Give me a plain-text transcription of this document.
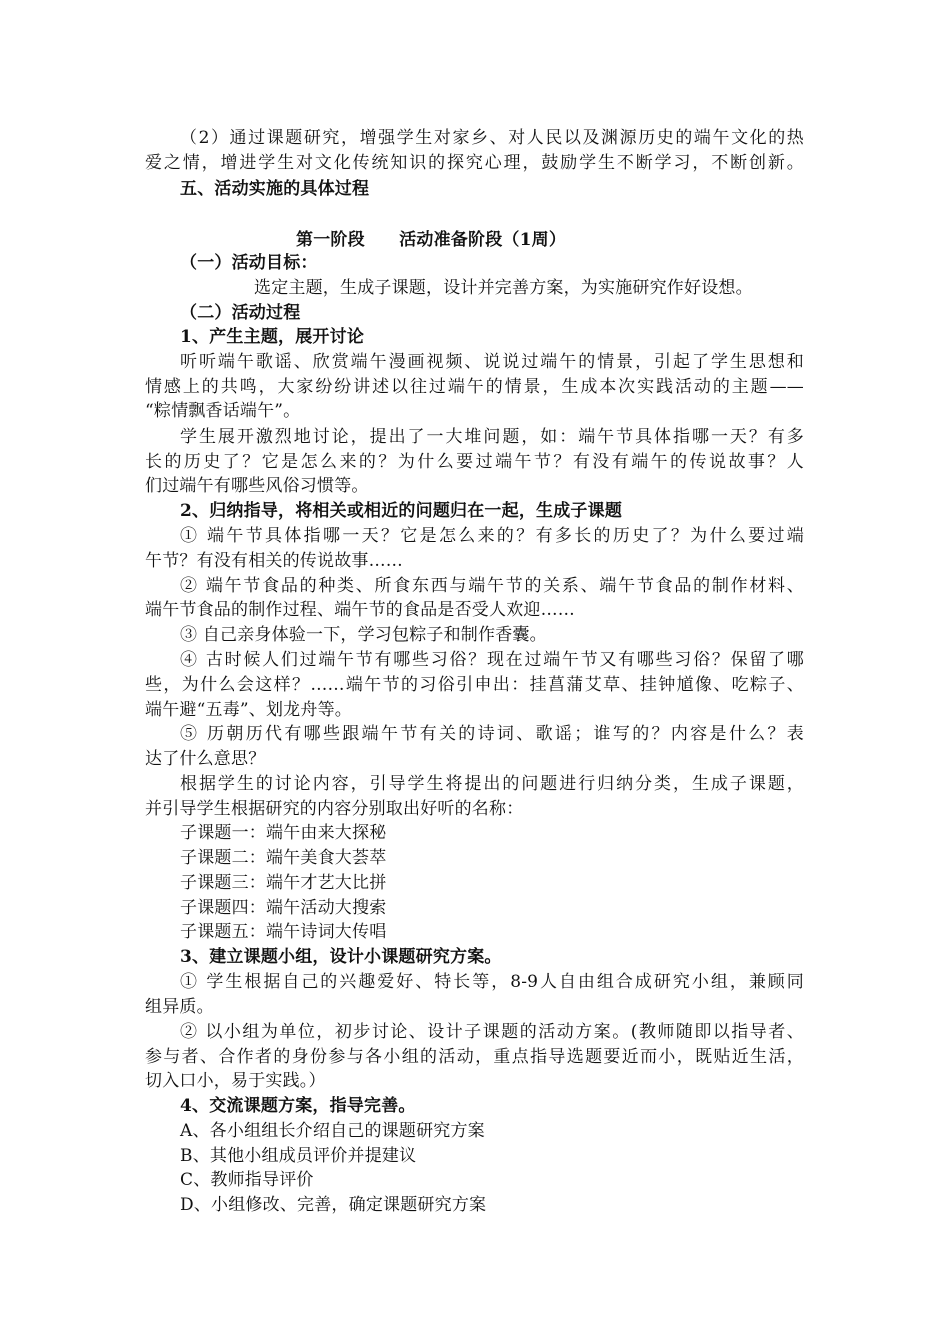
（2）通过课题研究，增强学生对家乡、对人民以及渊源历史的端午文化的热
爱之情，增进学生对文化传统知识的探究心理，鼓励学生不断学习，不断创新。
五、活动实施的具体过程
第一阶段　　活动准备阶段（1周）
（一）活动目标：
选定主题，生成子课题，设计并完善方案，为实施研究作好设想。
（二）活动过程
1、产生主题，展开讨论
听听端午歌谣、欣赏端午漫画视频、说说过端午的情景，引起了学生思想和
情感上的共鸣，大家纷纷讲述以往过端午的情景，生成本次实践活动的主题——
“粽情飘香话端午”。
学生展开激烈地讨论，提出了一大堆问题，如：端午节具体指哪一天？有多
长的历史了？它是怎么来的？为什么要过端午节？有没有端午的传说故事？人
们过端午有哪些风俗习惯等。
2、归纳指导，将相关或相近的问题归在一起，生成子课题
① 端午节具体指哪一天？它是怎么来的？有多长的历史了？为什么要过端
午节？有没有相关的传说故事……
② 端午节食品的种类、所食东西与端午节的关系、端午节食品的制作材料、
端午节食品的制作过程、端午节的食品是否受人欢迎……
③ 自己亲身体验一下，学习包粽子和制作香囊。
④ 古时候人们过端午节有哪些习俗？现在过端午节又有哪些习俗？保留了哪
些，为什么会这样？……端午节的习俗引申出：挂菖蒲艾草、挂钟馗像、吃粽子、
端午避“五毒”、划龙舟等。
⑤ 历朝历代有哪些跟端午节有关的诗词、歌谣；谁写的？内容是什么？表
达了什么意思？
根据学生的讨论内容，引导学生将提出的问题进行归纳分类，生成子课题，
并引导学生根据研究的内容分别取出好听的名称：
子课题一：端午由来大探秘
子课题二：端午美食大荟萃
子课题三：端午才艺大比拼
子课题四：端午活动大搜索
子课题五：端午诗词大传唱
3、建立课题小组，设计小课题研究方案。
① 学生根据自己的兴趣爱好、特长等，8-9人自由组合成研究小组，兼顾同
组异质。
② 以小组为单位，初步讨论、设计子课题的活动方案。(教师随即以指导者、
参与者、合作者的身份参与各小组的活动，重点指导选题要近而小，既贴近生活，
切入口小，易于实践。）
4、交流课题方案，指导完善。
A、各小组组长介绍自己的课题研究方案
B、其他小组成员评价并提建议
C、教师指导评价
D、小组修改、完善，确定课题研究方案
